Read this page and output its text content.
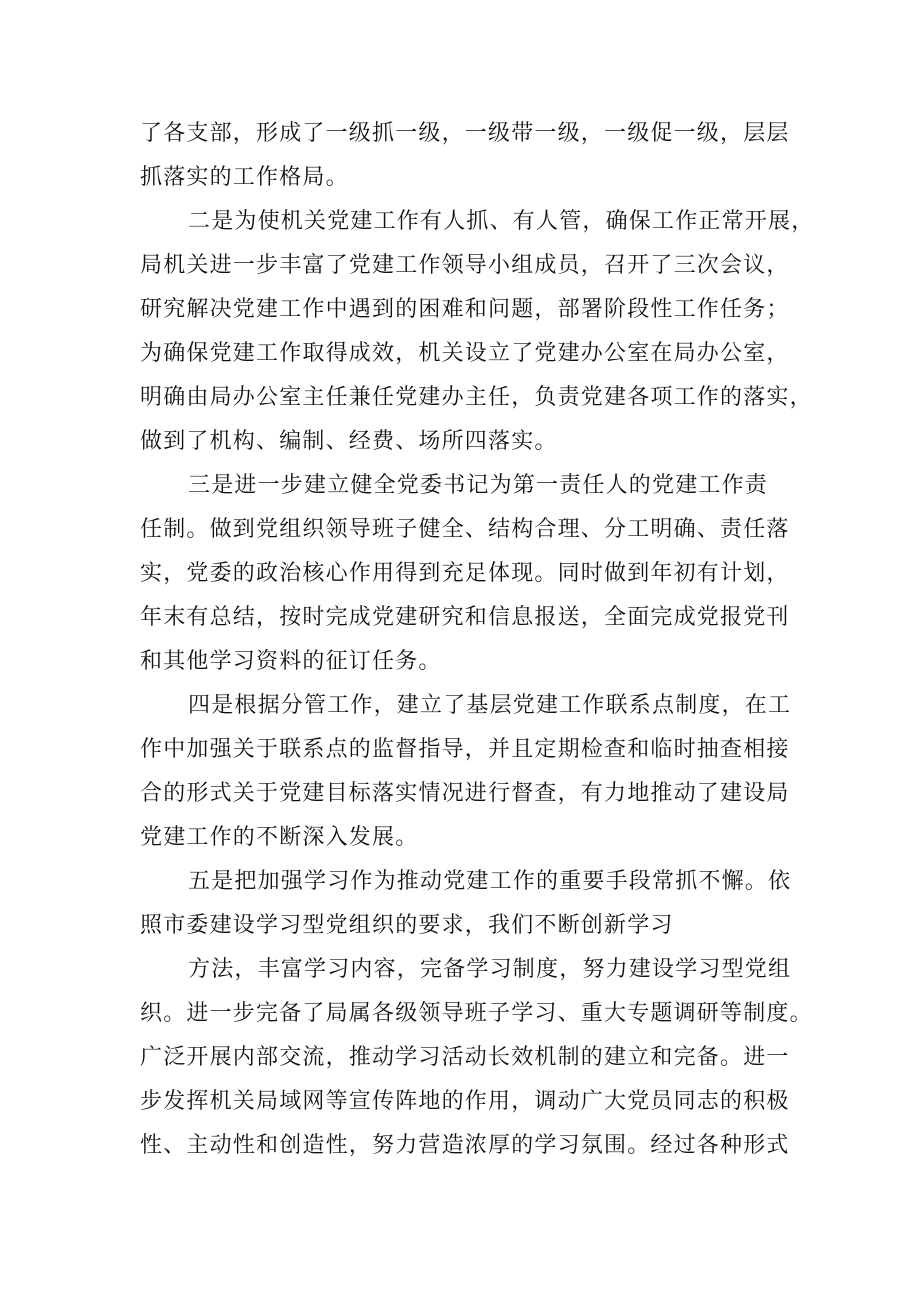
了各支部，形成了一级抓一级，一级带一级，一级促一级，层层
抓落实的工作格局。
二是为使机关党建工作有人抓、有人管，确保工作正常开展，
局机关进一步丰富了党建工作领导小组成员，召开了三次会议，
研究解决党建工作中遇到的困难和问题，部署阶段性工作任务；
为确保党建工作取得成效，机关设立了党建办公室在局办公室，
明确由局办公室主任兼任党建办主任，负责党建各项工作的落实，
做到了机构、编制、经费、场所四落实。
三是进一步建立健全党委书记为第一责任人的党建工作责
任制。做到党组织领导班子健全、结构合理、分工明确、责任落
实，党委的政治核心作用得到充足体现。同时做到年初有计划，
年末有总结，按时完成党建研究和信息报送，全面完成党报党刊
和其他学习资料的征订任务。
四是根据分管工作，建立了基层党建工作联系点制度，在工
作中加强关于联系点的监督指导，并且定期检查和临时抽查相接
合的形式关于党建目标落实情况进行督查，有力地推动了建设局
党建工作的不断深入发展。
五是把加强学习作为推动党建工作的重要手段常抓不懈。依
照市委建设学习型党组织的要求，我们不断创新学习
方法，丰富学习内容，完备学习制度，努力建设学习型党组
织。进一步完备了局属各级领导班子学习、重大专题调研等制度。
广泛开展内部交流，推动学习活动长效机制的建立和完备。进一
步发挥机关局域网等宣传阵地的作用，调动广大党员同志的积极
性、主动性和创造性，努力营造浓厚的学习氛围。经过各种形式
